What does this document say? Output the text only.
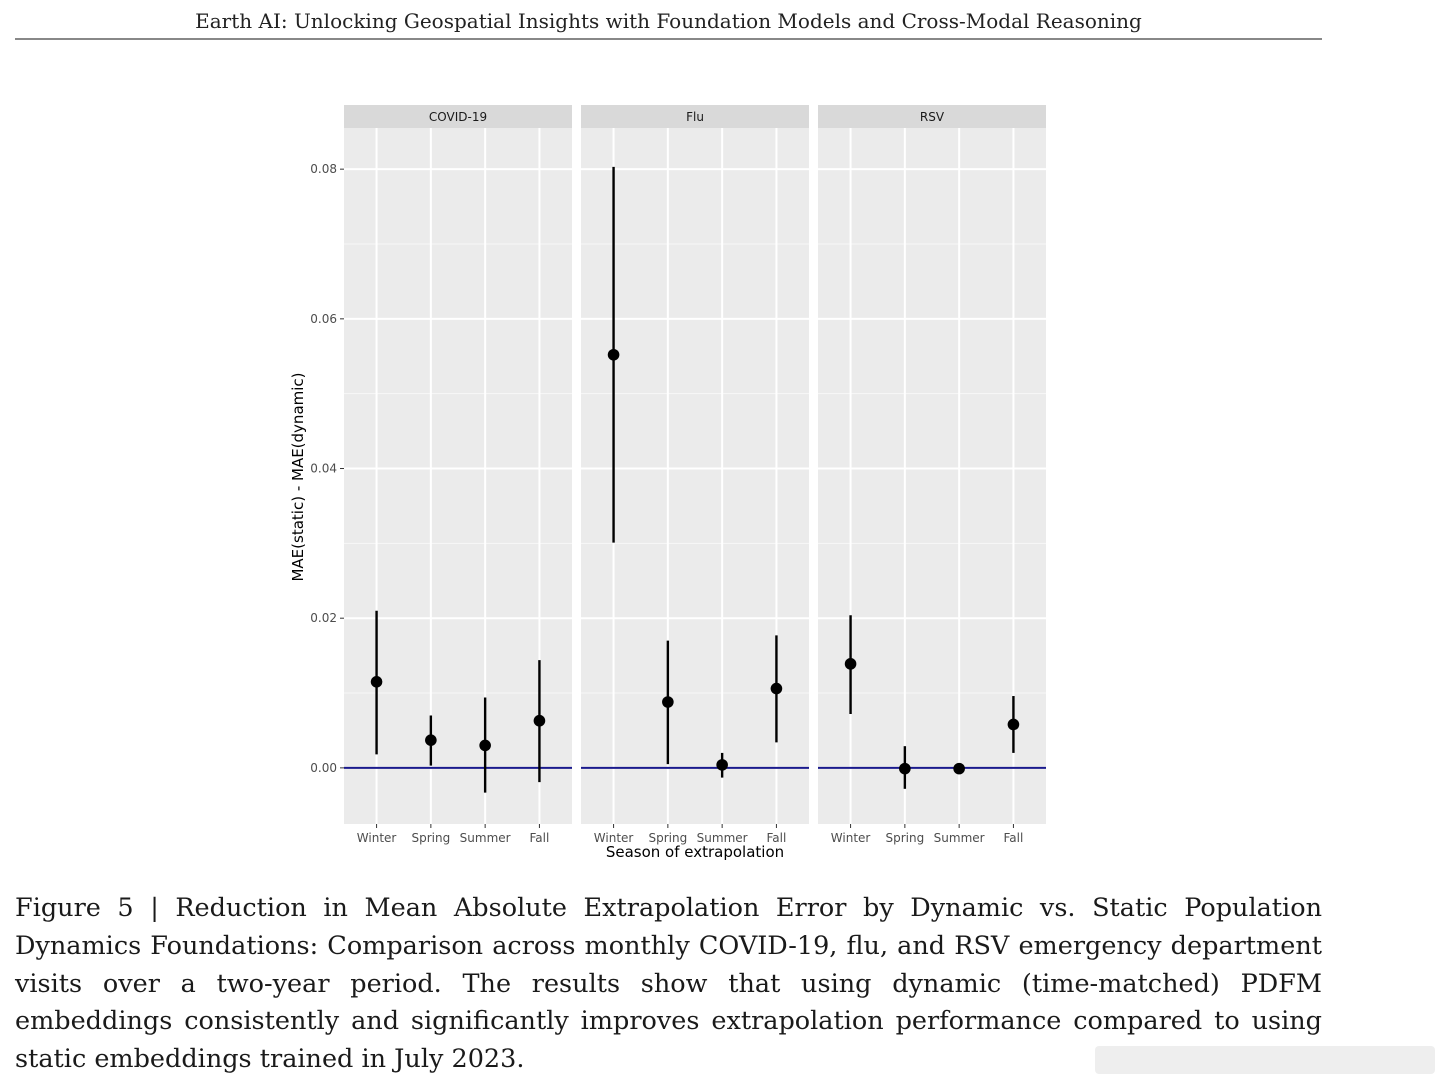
Earth AI: Unlocking Geospatial Insights with Foundation Models and Cross-Modal Reasoning
COVID-19
Winter Spring Summer Fall
Flu
Winter Spring Summer Fall
RSV
Winter Spring Summer Fall
0.00
0.02
0.04
0.06
0.08
MAE(static) - MAE(dynamic)
Season of extrapolation
Figure 5 | Reduction in Mean Absolute Extrapolation Error by Dynamic vs. Static Population Dynamics Foundations: Comparison across monthly COVID-19, flu, and RSV emergency department visits over a two-year period. The results show that using dynamic (time-matched) PDFM embeddings consistently and significantly improves extrapolation performance compared to using static embeddings trained in July 2023.
